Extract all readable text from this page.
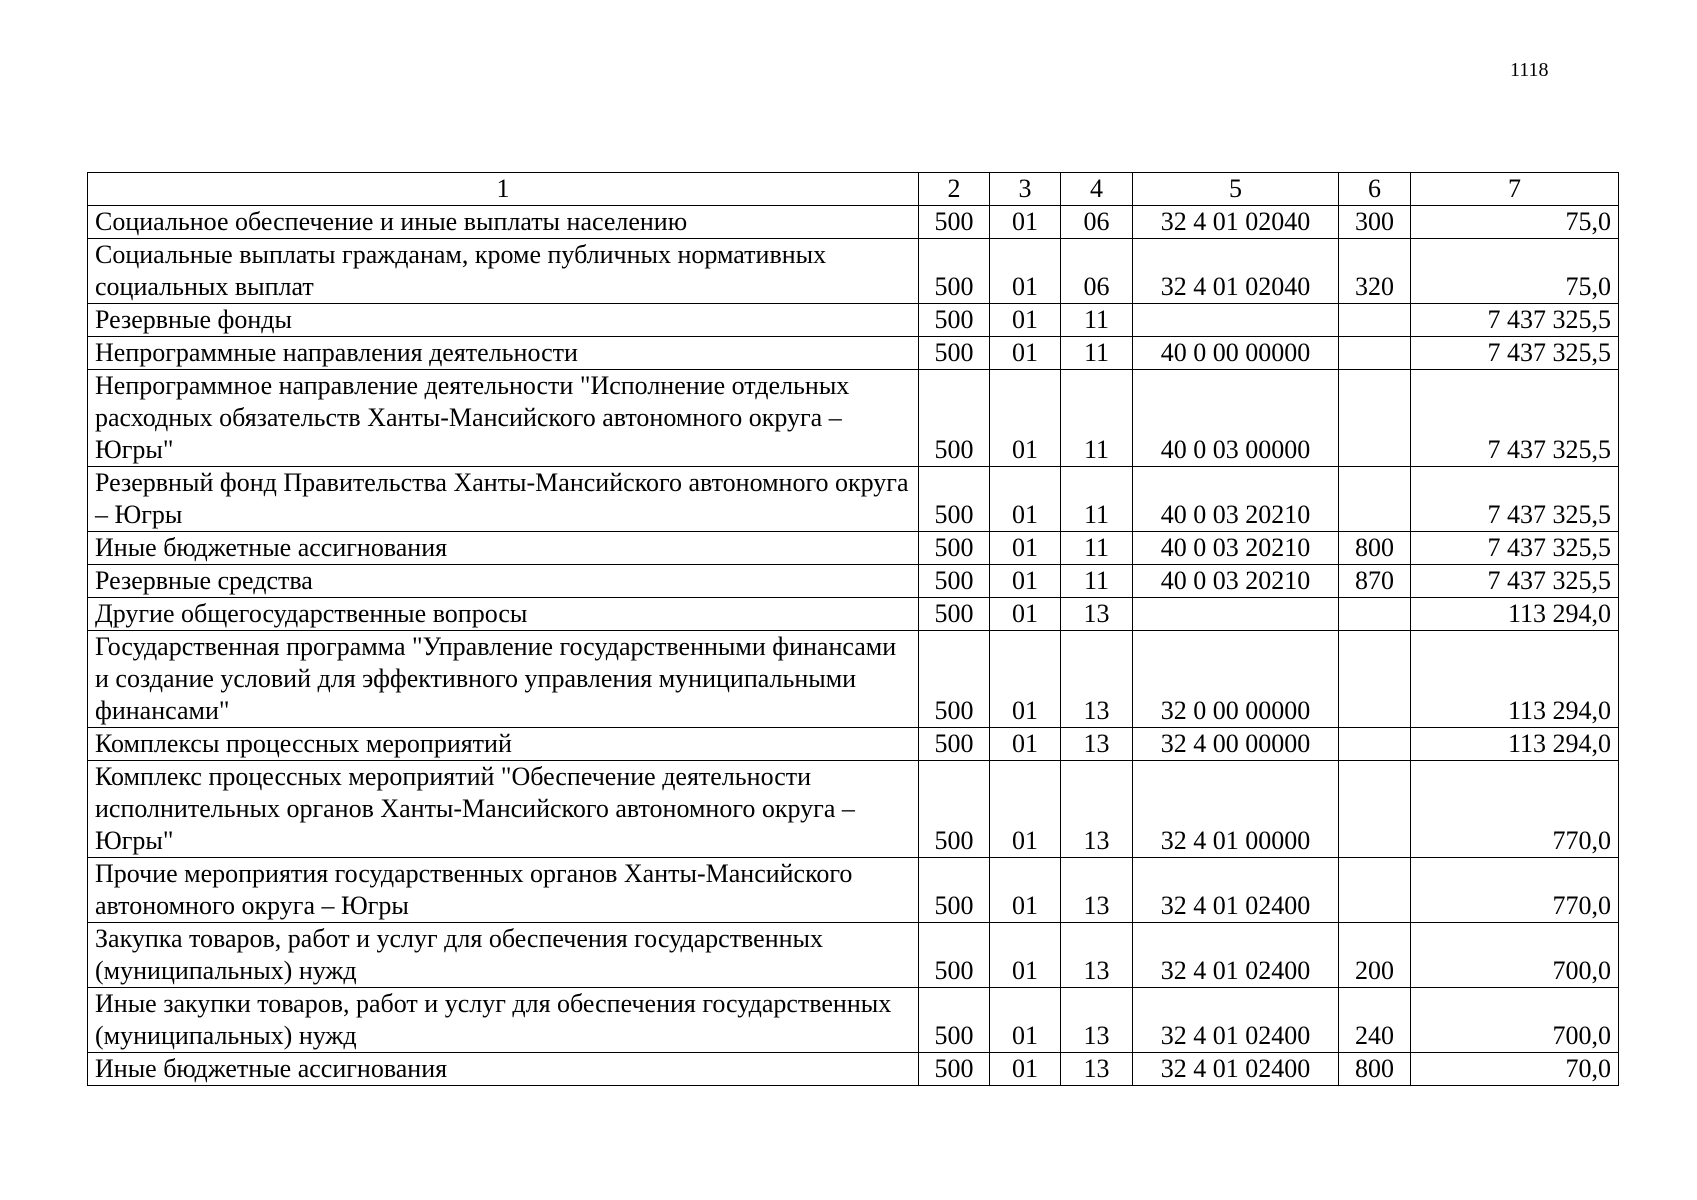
1118
1	2	3	4	5	6	7
Социальное обеспечение и иные выплаты населению	500	01	06	32 4 01 02040	300	75,0
Социальные выплаты гражданам, кроме публичных нормативных социальных выплат	500	01	06	32 4 01 02040	320	75,0
Резервные фонды	500	01	11			7 437 325,5
Непрограммные направления деятельности	500	01	11	40 0 00 00000		7 437 325,5
Непрограммное направление деятельности "Исполнение отдельных расходных обязательств Ханты-Мансийского автономного округа – Югры"	500	01	11	40 0 03 00000		7 437 325,5
Резервный фонд Правительства Ханты-Мансийского автономного округа – Югры	500	01	11	40 0 03 20210		7 437 325,5
Иные бюджетные ассигнования	500	01	11	40 0 03 20210	800	7 437 325,5
Резервные средства	500	01	11	40 0 03 20210	870	7 437 325,5
Другие общегосударственные вопросы	500	01	13			113 294,0
Государственная программа "Управление государственными финансами и создание условий для эффективного управления муниципальными финансами"	500	01	13	32 0 00 00000		113 294,0
Комплексы процессных мероприятий	500	01	13	32 4 00 00000		113 294,0
Комплекс процессных мероприятий "Обеспечение деятельности исполнительных органов Ханты-Мансийского автономного округа – Югры"	500	01	13	32 4 01 00000		770,0
Прочие мероприятия государственных органов Ханты-Мансийского автономного округа – Югры	500	01	13	32 4 01 02400		770,0
Закупка товаров, работ и услуг для обеспечения государственных (муниципальных) нужд	500	01	13	32 4 01 02400	200	700,0
Иные закупки товаров, работ и услуг для обеспечения государственных (муниципальных) нужд	500	01	13	32 4 01 02400	240	700,0
Иные бюджетные ассигнования	500	01	13	32 4 01 02400	800	70,0
